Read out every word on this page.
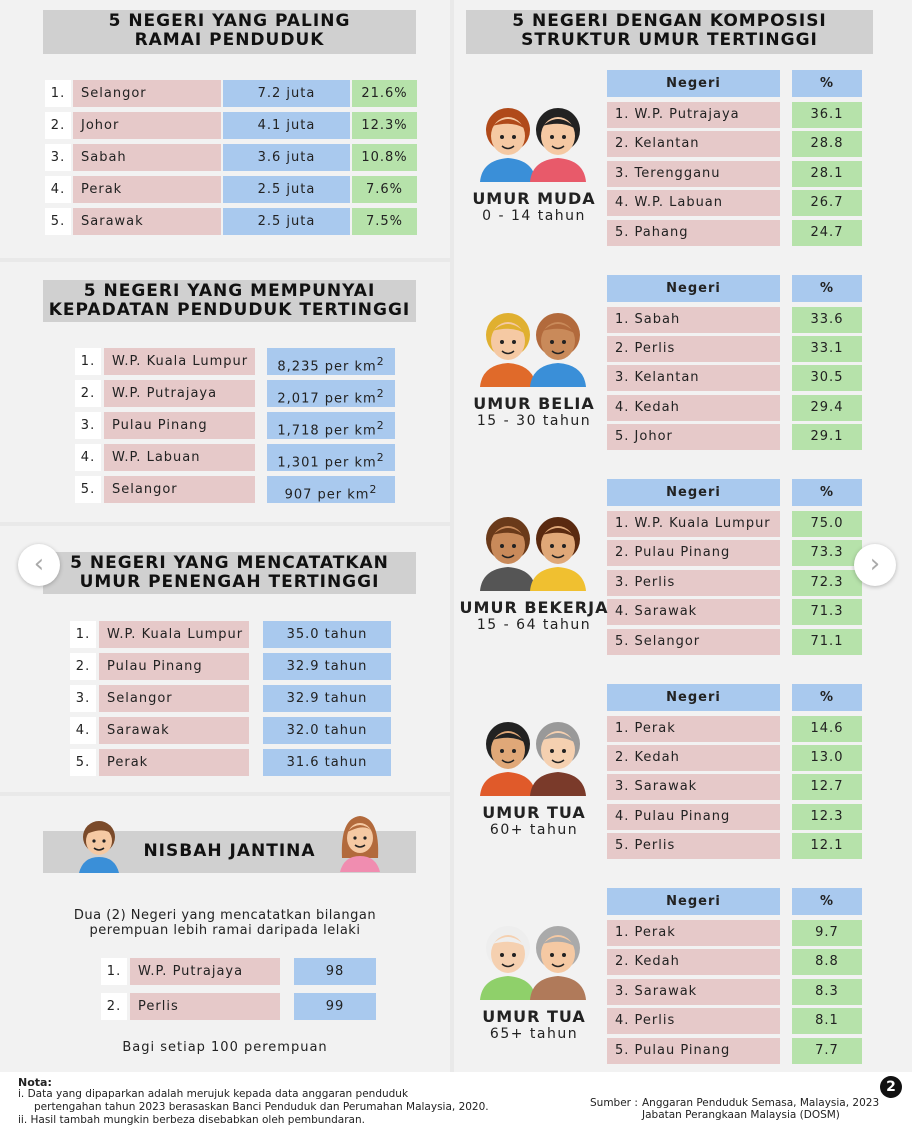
5 NEGERI YANG PALING
RAMAI PENDUDUK
1.	Selangor	7.2 juta	21.6%
2.	Johor	4.1 juta	12.3%
3.	Sabah	3.6 juta	10.8%
4.	Perak	2.5 juta	7.6%
5.	Sarawak	2.5 juta	7.5%
5 NEGERI YANG MEMPUNYAI
KEPADATAN PENDUDUK TERTINGGI
1.	W.P. Kuala Lumpur	8,235 per $km^2$
2.	W.P. Putrajaya	2,017 per $km^2$
3.	Pulau Pinang	1,718 per $km^2$
4.	W.P. Labuan	1,301 per $km^2$
5.	Selangor	907 per $km^2$
5 NEGERI YANG MENCATATKAN
UMUR PENENGAH TERTINGGI
1.	W.P. Kuala Lumpur	35.0 tahun
2.	Pulau Pinang	32.9 tahun
3.	Selangor	32.9 tahun
4.	Sarawak	32.0 tahun
5.	Perak	31.6 tahun
NISBAH JANTINA
Dua (2) Negeri yang mencatatkan bilangan
perempuan lebih ramai daripada lelaki
1.	W.P. Putrajaya	98
2.	Perlis	99
Bagi setiap 100 perempuan
5 NEGERI DENGAN KOMPOSISI
STRUKTUR UMUR TERTINGGI
Negeri	%
1. W.P. Putrajaya	36.1
2. Kelantan	28.8
3. Terengganu	28.1
4. W.P. Labuan	26.7
5. Pahang	24.7
UMUR MUDA
0 - 14 tahun
Negeri	%
1. Sabah	33.6
2. Perlis	33.1
3. Kelantan	30.5
4. Kedah	29.4
5. Johor	29.1
UMUR BELIA
15 - 30 tahun
Negeri	%
1. W.P. Kuala Lumpur	75.0
2. Pulau Pinang	73.3
3. Perlis	72.3
4. Sarawak	71.3
5. Selangor	71.1
UMUR BEKERJA
15 - 64 tahun
Negeri	%
1. Perak	14.6
2. Kedah	13.0
3. Sarawak	12.7
4. Pulau Pinang	12.3
5. Perlis	12.1
UMUR TUA
60+ tahun
Negeri	%
1. Perak	9.7
2. Kedah	8.8
3. Sarawak	8.3
4. Perlis	8.1
5. Pulau Pinang	7.7
UMUR TUA
65+ tahun
‹	›
Nota:
i. Data yang dipaparkan adalah merujuk kepada data anggaran penduduk
pertengahan tahun 2023 berasaskan Banci Penduduk dan Perumahan Malaysia, 2020.
ii. Hasil tambah mungkin berbeza disebabkan oleh pembundaran.
Sumber : Anggaran Penduduk Semasa, Malaysia, 2023
Jabatan Perangkaan Malaysia (DOSM)
2
